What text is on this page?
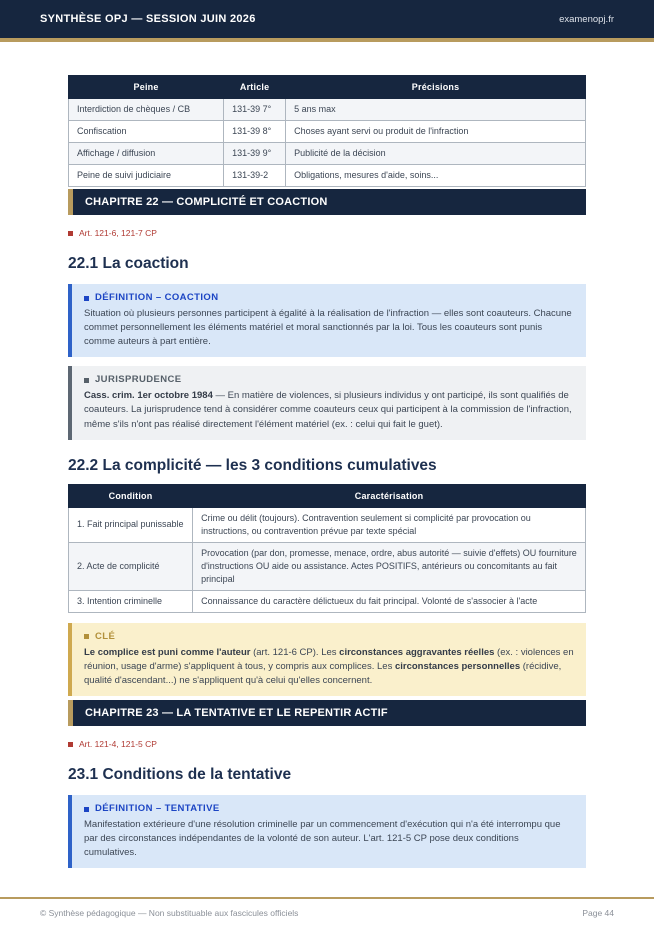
SYNTHÈSE OPJ — SESSION JUIN 2026	examenopj.fr
Peine	Article	Précisions
Interdiction de chèques / CB	131-39 7°	5 ans max
Confiscation	131-39 8°	Choses ayant servi ou produit de l'infraction
Affichage / diffusion	131-39 9°	Publicité de la décision
Peine de suivi judiciaire	131-39-2	Obligations, mesures d'aide, soins...
CHAPITRE 22 — COMPLICITÉ ET COACTION
Art. 121-6, 121-7 CP
22.1 La coaction
DÉFINITION – COACTION
Situation où plusieurs personnes participent à égalité à la réalisation de l'infraction — elles sont coauteurs. Chacune commet personnellement les éléments matériel et moral sanctionnés par la loi. Tous les coauteurs sont punis comme auteurs à part entière.
JURISPRUDENCE
Cass. crim. 1er octobre 1984 — En matière de violences, si plusieurs individus y ont participé, ils sont qualifiés de coauteurs. La jurisprudence tend à considérer comme coauteurs ceux qui participent à la commission de l'infraction, même s'ils n'ont pas réalisé directement l'élément matériel (ex. : celui qui fait le guet).
22.2 La complicité — les 3 conditions cumulatives
Condition	Caractérisation
1. Fait principal punissable	Crime ou délit (toujours). Contravention seulement si complicité par provocation ou instructions, ou contravention prévue par texte spécial
2. Acte de complicité	Provocation (par don, promesse, menace, ordre, abus autorité — suivie d'effets) OU fourniture d'instructions OU aide ou assistance. Actes POSITIFS, antérieurs ou concomitants au fait principal
3. Intention criminelle	Connaissance du caractère délictueux du fait principal. Volonté de s'associer à l'acte
CLÉ
Le complice est puni comme l'auteur (art. 121-6 CP). Les circonstances aggravantes réelles (ex. : violences en réunion, usage d'arme) s'appliquent à tous, y compris aux complices. Les circonstances personnelles (récidive, qualité d'ascendant...) ne s'appliquent qu'à celui qu'elles concernent.
CHAPITRE 23 — LA TENTATIVE ET LE REPENTIR ACTIF
Art. 121-4, 121-5 CP
23.1 Conditions de la tentative
DÉFINITION – TENTATIVE
Manifestation extérieure d'une résolution criminelle par un commencement d'exécution qui n'a été interrompu que par des circonstances indépendantes de la volonté de son auteur. L'art. 121-5 CP pose deux conditions cumulatives.
© Synthèse pédagogique — Non substituable aux fascicules officiels	Page 44
